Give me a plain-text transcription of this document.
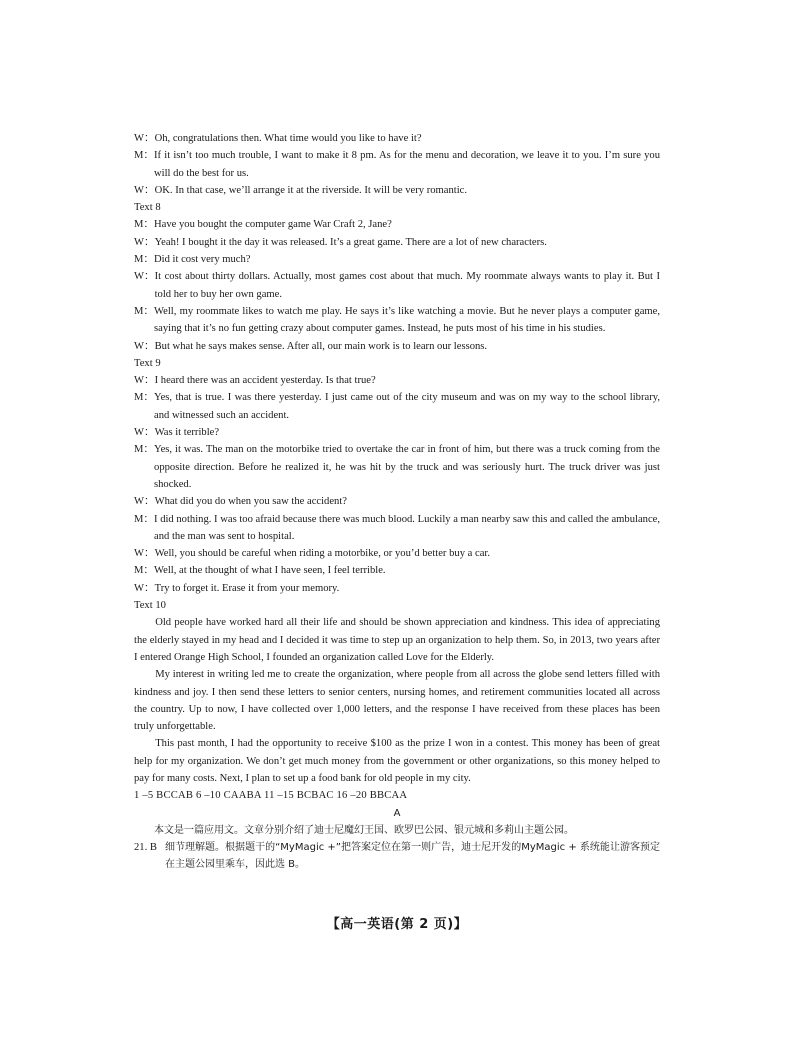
W： Oh, congratulations then. What time would you like to have it?
M： If it isn’t too much trouble, I want to make it 8 pm. As for the menu and decoration, we leave it to you. I’m sure you will do the best for us.
W： OK. In that case, we’ll arrange it at the riverside. It will be very romantic.

Text 8

M： Have you bought the computer game War Craft 2, Jane?
W： Yeah! I bought it the day it was released. It’s a great game. There are a lot of new characters.
M： Did it cost very much?
W： It cost about thirty dollars. Actually, most games cost about that much. My roommate always wants to play it. But I told her to buy her own game.
M： Well, my roommate likes to watch me play. He says it’s like watching a movie. But he never plays a computer game, saying that it’s no fun getting crazy about computer games. Instead, he puts most of his time in his studies.
W： But what he says makes sense. After all, our main work is to learn our lessons.

Text 9

W： I heard there was an accident yesterday. Is that true?
M： Yes, that is true. I was there yesterday. I just came out of the city museum and was on my way to the school library, and witnessed such an accident.
W： Was it terrible?
M： Yes, it was. The man on the motorbike tried to overtake the car in front of him, but there was a truck coming from the opposite direction. Before he realized it, he was hit by the truck and was seriously hurt. The truck driver was just shocked.
W： What did you do when you saw the accident?
M： I did nothing. I was too afraid because there was much blood. Luckily a man nearby saw this and called the ambulance, and the man was sent to hospital.
W： Well, you should be careful when riding a motorbike, or you’d better buy a car.
M： Well, at the thought of what I have seen, I feel terrible.
W： Try to forget it. Erase it from your memory.

Text 10

Old people have worked hard all their life and should be shown appreciation and kindness. This idea of appreciating the elderly stayed in my head and I decided it was time to step up an organization to help them. So, in 2013, two years after I entered Orange High School, I founded an organization called Love for the Elderly.

My interest in writing led me to create the organization, where people from all across the globe send letters filled with kindness and joy. I then send these letters to senior centers, nursing homes, and retirement communities located all across the country. Up to now, I have collected over 1,000 letters, and the response I have received from these places has been truly unforgettable.

This past month, I had the opportunity to receive $100 as the prize I won in a contest. This money has been of great help for my organization. We don’t get much money from the government or other organizations, so this money helped to pay for many costs. Next, I plan to set up a food bank for old people in my city.

1 –5 BCCAB 6 –10 CAABA 11 –15 BCBAC 16 –20 BBCAA

A

本文是一篇应用文。文章分别介绍了迪士尼魔幻王国、欧罗巴公园、银元城和多莉山主题公园。

21. B 细节理解题。根据题干的“MyMagic +”把答案定位在第一则广告，迪士尼开发的MyMagic + 系统能让游客预定在主题公园里乘车，因此选 B。
【高一英语(第 2 页)】
